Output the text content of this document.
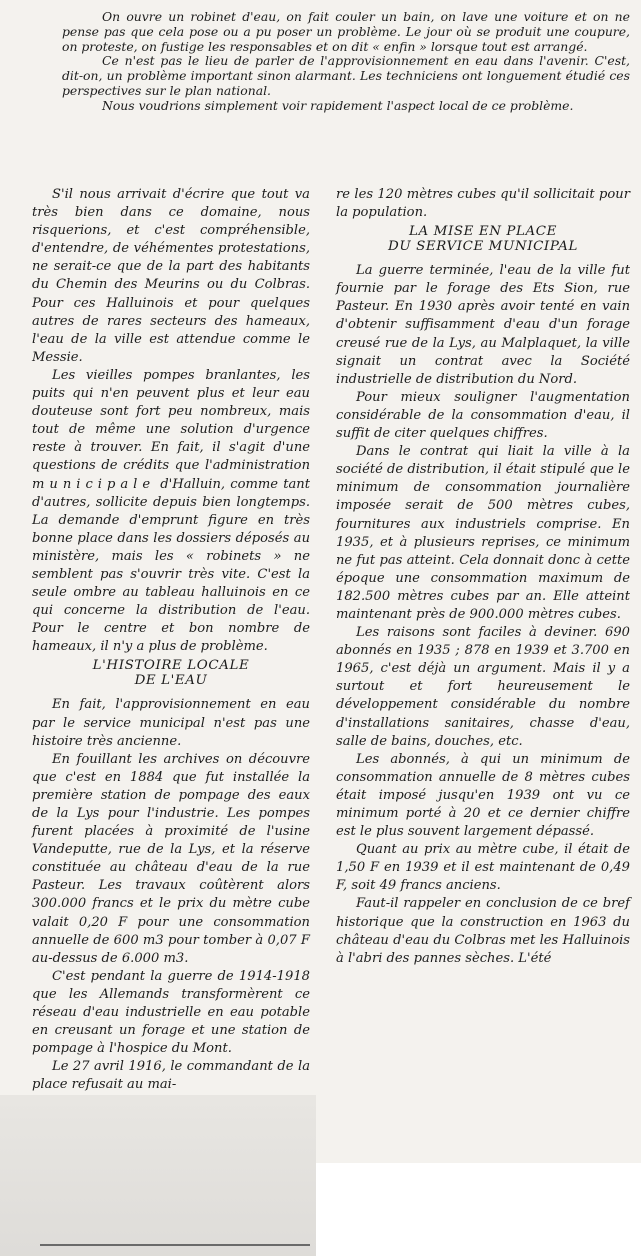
On ouvre un robinet d'eau, on fait couler un bain, on lave une voiture et on ne pense pas que cela pose ou a pu poser un problème. Le jour où se produit une coupure, on proteste, on fustige les responsables et on dit « enfin » lorsque tout est arrangé.

Ce n'est pas le lieu de parler de l'approvisionnement en eau dans l'avenir. C'est, dit-on, un problème important sinon alarmant. Les techniciens ont longuement étudié ces perspectives sur le plan national.

Nous voudrions simplement voir rapidement l'aspect local de ce problème.

S'il nous arrivait d'écrire que tout va très bien dans ce domaine, nous risquerions, et c'est compréhensible, d'entendre, de véhémentes protestations, ne serait-ce que de la part des habitants du Chemin des Meurins ou du Colbras. Pour ces Halluinois et pour quelques autres de rares secteurs des hameaux, l'eau de la ville est attendue comme le Messie.

Les vieilles pompes branlantes, les puits qui n'en peuvent plus et leur eau douteuse sont fort peu nombreux, mais tout de même une solution d'urgence reste à trouver. En fait, il s'agit d'une questions de crédits que l'administration municipale d'Halluin, comme tant d'autres, sollicite depuis bien longtemps. La demande d'emprunt figure en très bonne place dans les dossiers déposés au ministère, mais les « robinets » ne semblent pas s'ouvrir très vite. C'est la seule ombre au tableau halluinois en ce qui concerne la distribution de l'eau. Pour le centre et bon nombre de hameaux, il n'y a plus de problème.

L'HISTOIRE LOCALE
DE L'EAU

En fait, l'approvisionnement en eau par le service municipal n'est pas une histoire très ancienne.

En fouillant les archives on découvre que c'est en 1884 que fut installée la première station de pompage des eaux de la Lys pour l'industrie. Les pompes furent placées à proximité de l'usine Vandeputte, rue de la Lys, et la réserve constituée au château d'eau de la rue Pasteur. Les travaux coûtèrent alors 300.000 francs et le prix du mètre cube valait 0,20 F pour une consommation annuelle de 600 m3 pour tomber à 0,07 F au-dessus de 6.000 m3.

C'est pendant la guerre de 1914-1918 que les Allemands transformèrent ce réseau d'eau industrielle en eau potable en creusant un forage et une station de pompage à l'hospice du Mont.

Le 27 avril 1916, le commandant de la place refusait au mai-

re les 120 mètres cubes qu'il sollicitait pour la population.

LA MISE EN PLACE
DU SERVICE MUNICIPAL

La guerre terminée, l'eau de la ville fut fournie par le forage des Ets Sion, rue Pasteur. En 1930 après avoir tenté en vain d'obtenir suffisamment d'eau d'un forage creusé rue de la Lys, au Malplaquet, la ville signait un contrat avec la Société industrielle de distribution du Nord.

Pour mieux souligner l'augmentation considérable de la consommation d'eau, il suffit de citer quelques chiffres.

Dans le contrat qui liait la ville à la société de distribution, il était stipulé que le minimum de consommation journalière imposée serait de 500 mètres cubes, fournitures aux industriels comprise. En 1935, et à plusieurs reprises, ce minimum ne fut pas atteint. Cela donnait donc à cette époque une consommation maximum de 182.500 mètres cubes par an. Elle atteint maintenant près de 900.000 mètres cubes.

Les raisons sont faciles à deviner. 690 abonnés en 1935 ; 878 en 1939 et 3.700 en 1965, c'est déjà un argument. Mais il y a surtout et fort heureusement le développement considérable du nombre d'installations sanitaires, chasse d'eau, salle de bains, douches, etc.

Les abonnés, à qui un minimum de consommation annuelle de 8 mètres cubes était imposé jusqu'en 1939 ont vu ce minimum porté à 20 et ce dernier chiffre est le plus souvent largement dépassé.

Quant au prix au mètre cube, il était de 1,50 F en 1939 et il est maintenant de 0,49 F, soit 49 francs anciens.

Faut-il rappeler en conclusion de ce bref historique que la construction en 1963 du château d'eau du Colbras met les Halluinois à l'abri des pannes sèches. L'été
